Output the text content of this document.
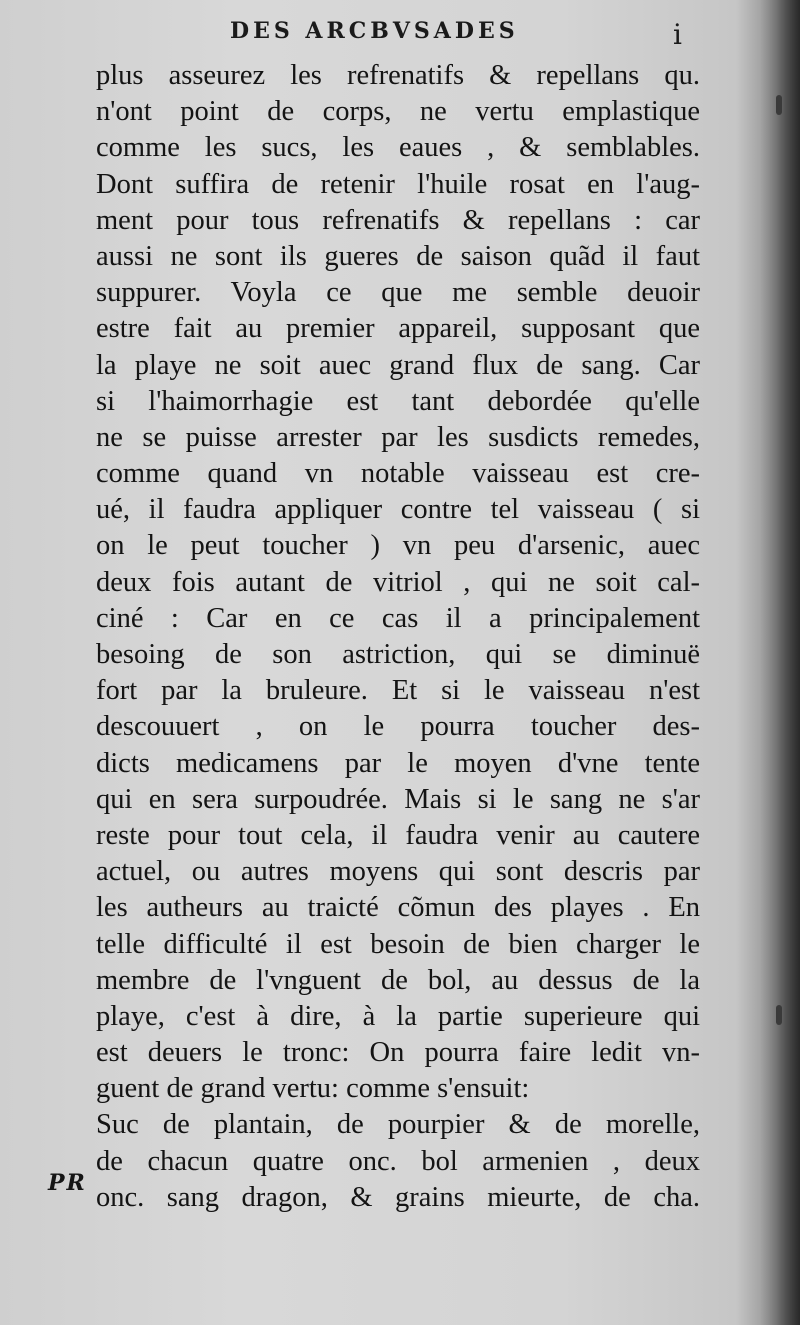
DES ARCBVSADES	i
PR
plus asseurez les refrenatifs & repellans qu.
n'ont point de corps, ne vertu emplastique
comme les sucs, les eaues , & semblables.
Dont suffira de retenir l'huile rosat en l'aug-
ment pour tous refrenatifs & repellans : car
aussi ne sont ils gueres de saison quãd il faut
suppurer. Voyla ce que me semble deuoir
estre fait au premier appareil, supposant que
la playe ne soit auec grand flux de sang. Car
si l'haimorrhagie est tant debordée qu'elle
ne se puisse arrester par les susdicts remedes,
comme quand vn notable vaisseau est cre-
ué, il faudra appliquer contre tel vaisseau ( si
on le peut toucher ) vn peu d'arsenic, auec
deux fois autant de vitriol , qui ne soit cal-
ciné : Car en ce cas il a principalement
besoing de son astriction, qui se diminuë
fort par la bruleure. Et si le vaisseau n'est
descouuert , on le pourra toucher des-
dicts medicamens par le moyen d'vne tente
qui en sera surpoudrée. Mais si le sang ne s'ar
reste pour tout cela, il faudra venir au cautere
actuel, ou autres moyens qui sont descris par
les autheurs au traicté cõmun des playes . En
telle difficulté il est besoin de bien charger le
membre de l'vnguent de bol, au dessus de la
playe, c'est à dire, à la partie superieure qui
est deuers le tronc: On pourra faire ledit vn-
guent de grand vertu: comme s'ensuit:
Suc de plantain, de pourpier & de morelle,
de chacun quatre onc. bol armenien , deux
onc. sang dragon, & grains mieurte, de cha.
